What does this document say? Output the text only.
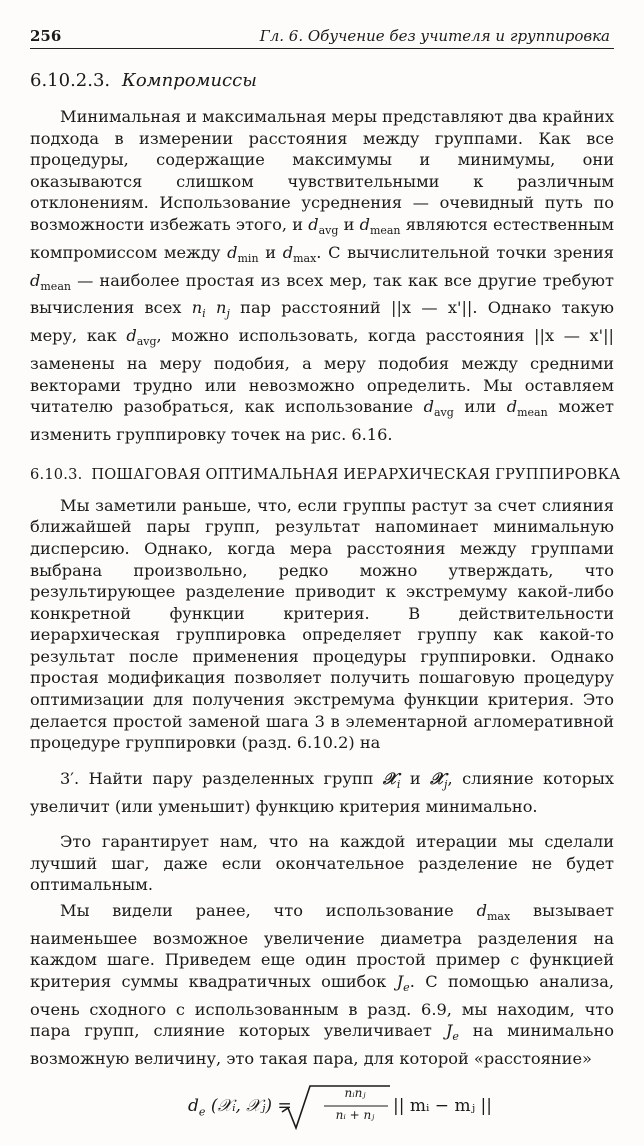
256	Гл. 6. Обучение без учителя и группировка
6.10.2.3. Компромиссы

Минимальная и максимальная меры представляют два крайних подхода в измерении расстояния между группами. Как все процедуры, содержащие максимумы и минимумы, они оказываются слишком чувствительными к различным отклонениям. Использование усреднения — очевидный путь по возможности избежать этого, и $d_{avg}$ и $d_{mean}$ являются естественным компромиссом между $d_{min}$ и $d_{max}$. С вычислительной точки зрения $d_{mean}$ — наиболее простая из всех мер, так как все другие требуют вычисления всех $n_i$ $n_j$ пар расстояний ||x — x'||. Однако такую меру, как $d_{avg}$, можно использовать, когда расстояния ||x — x'|| заменены на меру подобия, а меру подобия между средними векторами трудно или невозможно определить. Мы оставляем читателю разобраться, как использование $d_{avg}$ или $d_{mean}$ может изменить группировку точек на рис. 6.16.

6.10.3. ПОШАГОВАЯ ОПТИМАЛЬНАЯ ИЕРАРХИЧЕСКАЯ ГРУППИРОВКА

Мы заметили раньше, что, если группы растут за счет слияния ближайшей пары групп, результат напоминает минимальную дисперсию. Однако, когда мера расстояния между группами выбрана произвольно, редко можно утверждать, что результирующее разделение приводит к экстремуму какой-либо конкретной функции критерия. В действительности иерархическая группировка определяет группу как какой-то результат после применения процедуры группировки. Однако простая модификация позволяет получить пошаговую процедуру оптимизации для получения экстремума функции критерия. Это делается простой заменой шага 3 в элементарной агломеративной процедуре группировки (разд. 6.10.2) на

3′. Найти пару разделенных групп 𝒳$_i$ и 𝒳$_j$, слияние которых увеличит (или уменьшит) функцию критерия минимально.

Это гарантирует нам, что на каждой итерации мы сделали лучший шаг, даже если окончательное разделение не будет оптимальным.

Мы видели ранее, что использование $d_{max}$ вызывает наименьшее возможное увеличение диаметра разделения на каждом шаге. Приведем еще один простой пример с функцией критерия суммы квадратичных ошибок $J_e$. С помощью анализа, очень сходного с использованным в разд. 6.9, мы находим, что пара групп, слияние которых увеличивает $J_e$ на минимально возможную величину, это такая пара, для которой «расстояние»

$d_e$ (𝒳ᵢ, 𝒳ⱼ) =
nᵢnⱼ
nᵢ + nⱼ	|| mᵢ − mⱼ ||
